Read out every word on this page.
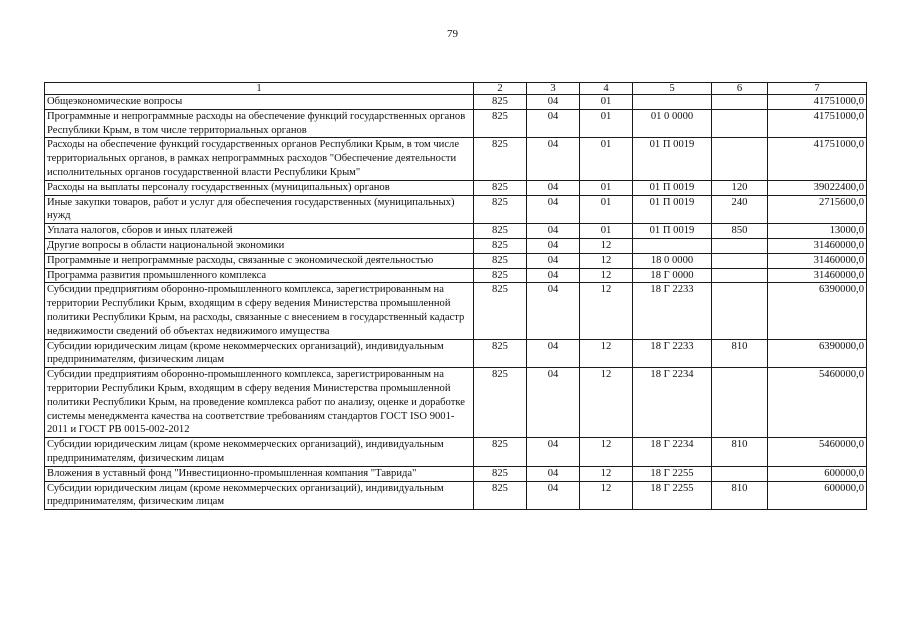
79
1	2	3	4	5	6	7
Общеэкономические вопросы	825	04	01			41751000,0
Программные и непрограммные расходы на обеспечение функций государственных органов Республики Крым, в том числе территориальных органов	825	04	01	01 0 0000		41751000,0
Расходы на обеспечение функций государственных органов Республики Крым, в том числе территориальных органов, в рамках непрограммных расходов "Обеспечение деятельности исполнительных органов государственной власти Республики Крым"	825	04	01	01 П 0019		41751000,0
Расходы на выплаты персоналу государственных (муниципальных) органов	825	04	01	01 П 0019	120	39022400,0
Иные закупки товаров, работ и услуг для обеспечения государственных (муниципальных) нужд	825	04	01	01 П 0019	240	2715600,0
Уплата налогов, сборов и иных платежей	825	04	01	01 П 0019	850	13000,0
Другие вопросы в области национальной экономики	825	04	12			31460000,0
Программные и непрограммные расходы, связанные с экономической деятельностью	825	04	12	18 0 0000		31460000,0
Программа развития промышленного комплекса	825	04	12	18 Г 0000		31460000,0
Субсидии предприятиям оборонно-промышленного комплекса, зарегистрированным на территории Республики Крым, входящим в сферу ведения Министерства промышленной политики Республики Крым, на расходы, связанные с внесением в государственный кадастр недвижимости сведений об объектах недвижимого имущества	825	04	12	18 Г 2233		6390000,0
Субсидии юридическим лицам (кроме некоммерческих организаций), индивидуальным предпринимателям, физическим лицам	825	04	12	18 Г 2233	810	6390000,0
Субсидии предприятиям оборонно-промышленного комплекса, зарегистрированным на территории Республики Крым, входящим в сферу ведения Министерства промышленной политики Республики Крым, на проведение комплекса работ по анализу, оценке и доработке системы менеджмента качества на соответствие требованиям стандартов ГОСТ ISO 9001-2011 и ГОСТ РВ 0015-002-2012	825	04	12	18 Г 2234		5460000,0
Субсидии юридическим лицам (кроме некоммерческих организаций), индивидуальным предпринимателям, физическим лицам	825	04	12	18 Г 2234	810	5460000,0
Вложения в уставный фонд "Инвестиционно-промышленная компания "Таврида"	825	04	12	18 Г 2255		600000,0
Субсидии юридическим лицам (кроме некоммерческих организаций), индивидуальным предпринимателям, физическим лицам	825	04	12	18 Г 2255	810	600000,0
